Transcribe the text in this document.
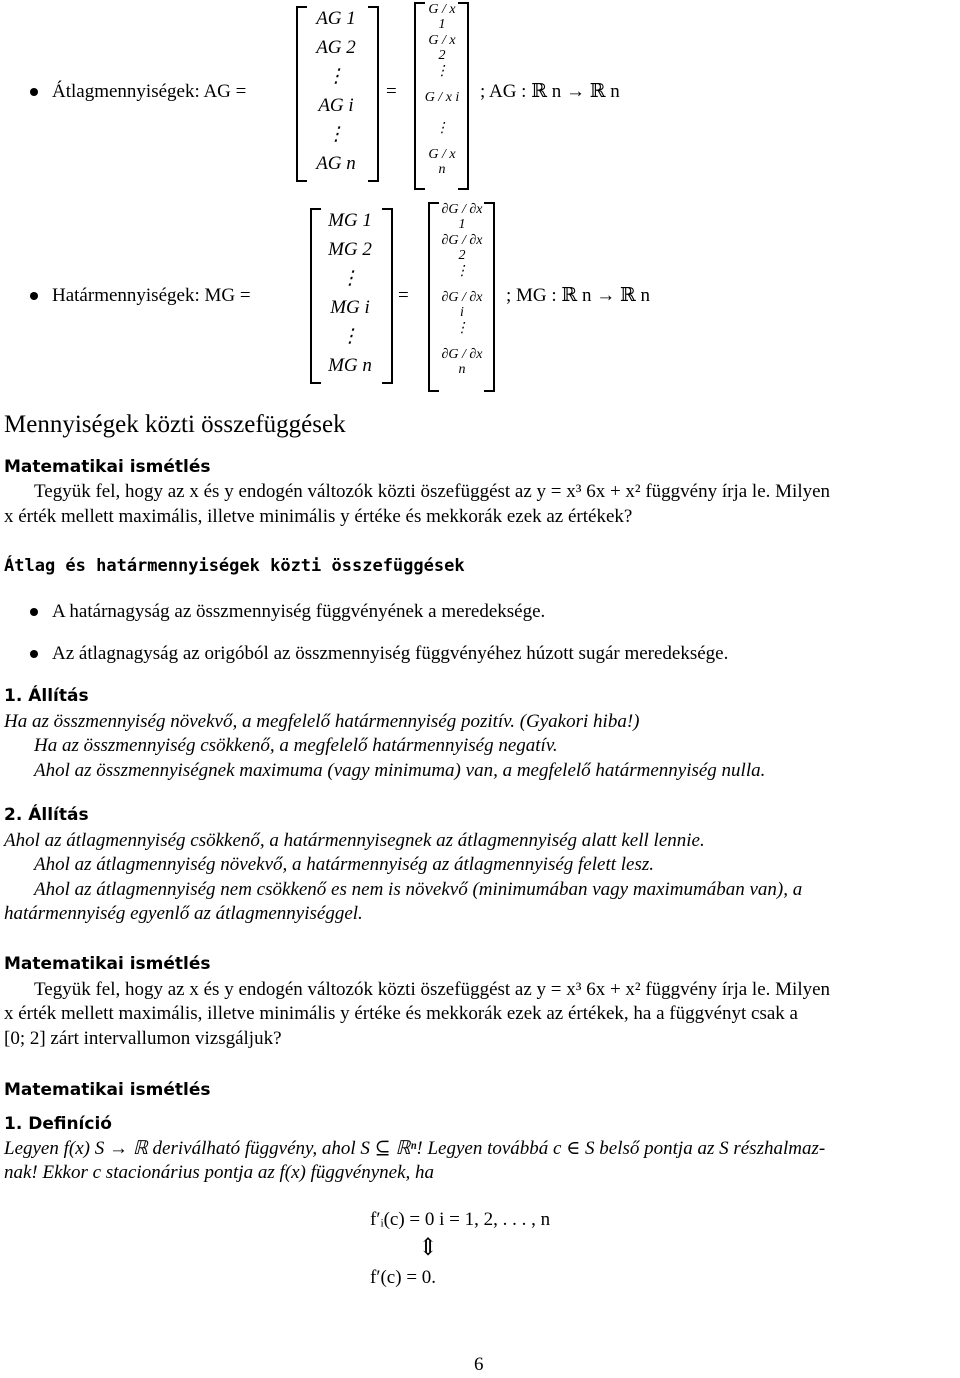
Átlagmennyiségek: AG =
AG 1
AG 2
⋮
AG i
⋮
AG n
=
G / x 1
G / x 2
⋮
G / x i
⋮
G / x n
; AG : ℝ n → ℝ n
Határmennyiségek: MG =
MG 1
MG 2
⋮
MG i
⋮
MG n
=
∂G / ∂x 1
∂G / ∂x 2
⋮
∂G / ∂x i
⋮
∂G / ∂x n
; MG : ℝ n → ℝ n
Mennyiségek közti összefüggések
Matematikai ismétlés
Tegyük fel, hogy az x és y endogén változók közti öszefüggést az y = x³ 6x + x² függvény írja le. Milyen
x érték mellett maximális, illetve minimális y értéke és mekkorák ezek az értékek?
Átlag és határmennyiségek közti összefüggések
A határnagyság az összmennyiség függvényének a meredeksége.
Az átlagnagyság az origóból az összmennyiség függvényéhez húzott sugár meredeksége.
1. Állítás
Ha az összmennyiség növekvő, a megfelelő határmennyiség pozitív. (Gyakori hiba!)
Ha az összmennyiség csökkenő, a megfelelő határmennyiség negatív.
Ahol az összmennyiségnek maximuma (vagy minimuma) van, a megfelelő határmennyiség nulla.
2. Állítás
Ahol az átlagmennyiség csökkenő, a határmennyisegnek az átlagmennyiség alatt kell lennie.
Ahol az átlagmennyiség növekvő, a határmennyiség az átlagmennyiség felett lesz.
Ahol az átlagmennyiség nem csökkenő es nem is növekvő (minimumában vagy maximumában van), a
határmennyiség egyenlő az átlagmennyiséggel.
Matematikai ismétlés
Tegyük fel, hogy az x és y endogén változók közti öszefüggést az y = x³ 6x + x² függvény írja le. Milyen
x érték mellett maximális, illetve minimális y értéke és mekkorák ezek az értékek, ha a függvényt csak a
[0; 2] zárt intervallumon vizsgáljuk?
Matematikai ismétlés
1. Definíció
Legyen f(x) S → ℝ deriválható függvény, ahol S ⊆ ℝⁿ! Legyen továbbá c ∈ S belső pontja az S részhalmaz-
nak! Ekkor c stacionárius pontja az f(x) függvénynek, ha
f′ᵢ(c) = 0 i = 1, 2, . . . , n
⇕
f′(c) = 0.
6
